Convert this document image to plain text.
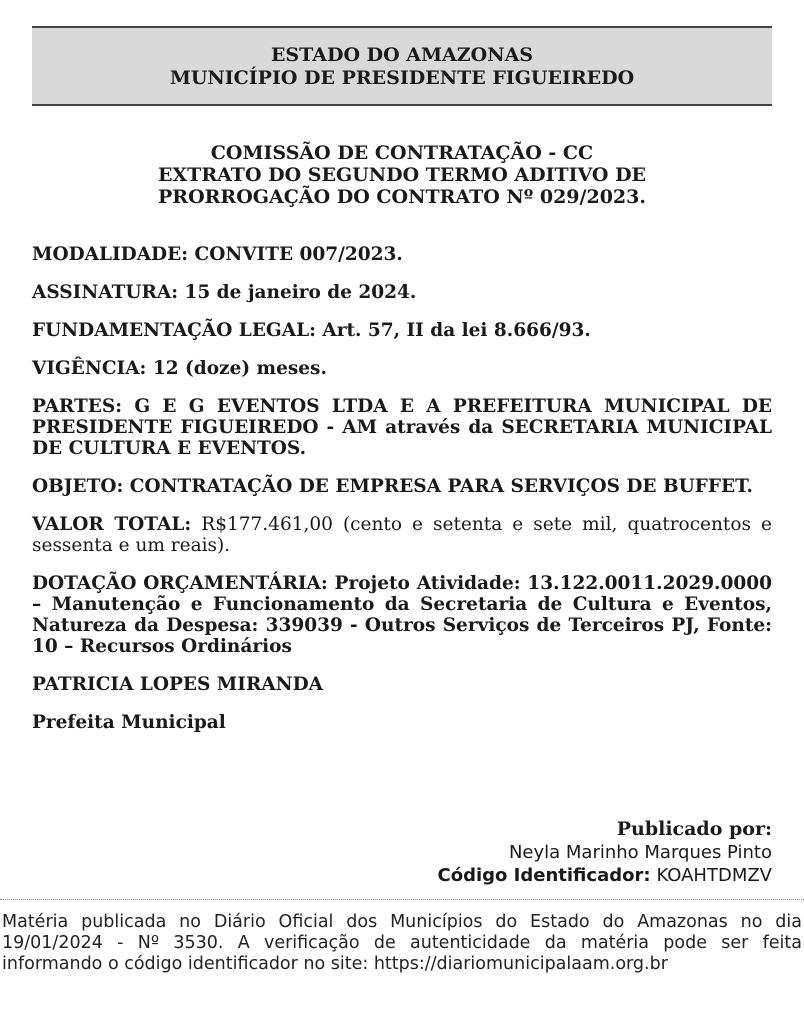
ESTADO DO AMAZONAS
MUNICÍPIO DE PRESIDENTE FIGUEIREDO
COMISSÃO DE CONTRATAÇÃO - CC
EXTRATO DO SEGUNDO TERMO ADITIVO DE
PRORROGAÇÃO DO CONTRATO Nº 029/2023.

MODALIDADE: CONVITE 007/2023.

ASSINATURA: 15 de janeiro de 2024.

FUNDAMENTAÇÃO LEGAL: Art. 57, II da lei 8.666/93.

VIGÊNCIA: 12 (doze) meses.

PARTES: G E G EVENTOS LTDA E A PREFEITURA MUNICIPAL DE PRESIDENTE FIGUEIREDO - AM através da SECRETARIA MUNICIPAL DE CULTURA E EVENTOS.

OBJETO: CONTRATAÇÃO DE EMPRESA PARA SERVIÇOS DE BUFFET.

VALOR TOTAL: R$177.461,00 (cento e setenta e sete mil, quatrocentos e sessenta e um reais).

DOTAÇÃO ORÇAMENTÁRIA: Projeto Atividade: 13.122.0011.2029.0000 – Manutenção e Funcionamento da Secretaria de Cultura e Eventos, Natureza da Despesa: 339039 - Outros Serviços de Terceiros PJ, Fonte: 10 – Recursos Ordinários

PATRICIA LOPES MIRANDA

Prefeita Municipal

Publicado por:
Neyla Marinho Marques Pinto
Código Identificador: KOAHTDMZV
Matéria publicada no Diário Oficial dos Municípios do Estado do Amazonas no dia 19/01/2024 - Nº 3530. A verificação de autenticidade da matéria pode ser feita informando o código identificador no site: https://diariomunicipalaam.org.br
